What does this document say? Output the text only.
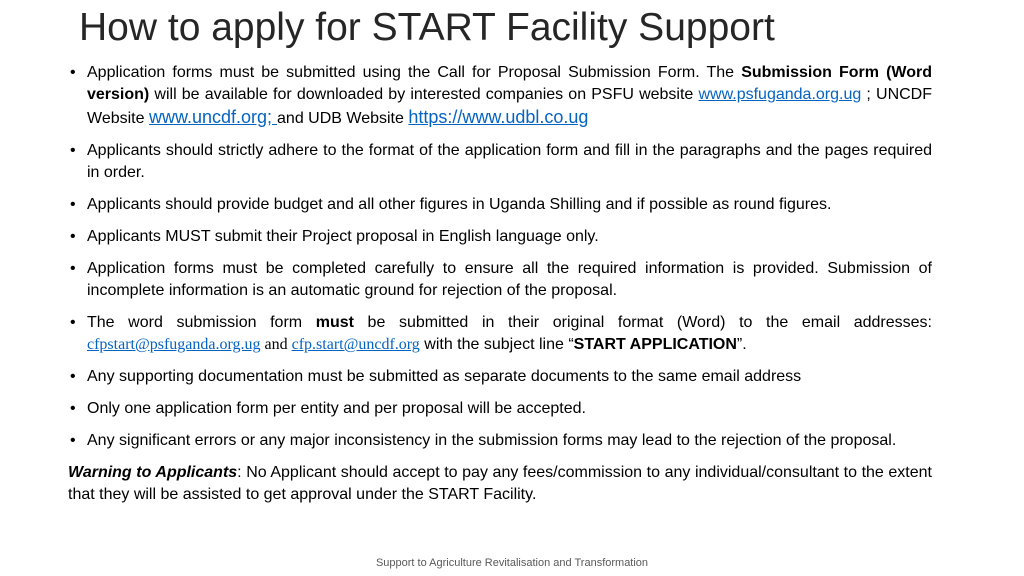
How to apply for START Facility Support
• Application forms must be submitted using the Call for Proposal Submission Form. The Submission Form (Word version) will be available for downloaded by interested companies on PSFU website www.psfuganda.org.ug ; UNCDF Website www.uncdf.org; and UDB Website https://www.udbl.co.ug
• Applicants should strictly adhere to the format of the application form and fill in the paragraphs and the pages required in order.
• Applicants should provide budget and all other figures in Uganda Shilling and if possible as round figures.
• Applicants MUST submit their Project proposal in English language only.
• Application forms must be completed carefully to ensure all the required information is provided. Submission of incomplete information is an automatic ground for rejection of the proposal.
• The word submission form must be submitted in their original format (Word) to the email addresses: cfpstart@psfuganda.org.ug and cfp.start@uncdf.org with the subject line “START APPLICATION”.
• Any supporting documentation must be submitted as separate documents to the same email address
• Only one application form per entity and per proposal will be accepted.
• Any significant errors or any major inconsistency in the submission forms may lead to the rejection of the proposal.

Warning to Applicants: No Applicant should accept to pay any fees/commission to any individual/consultant to the extent that they will be assisted to get approval under the START Facility.

Support to Agriculture Revitalisation and Transformation
